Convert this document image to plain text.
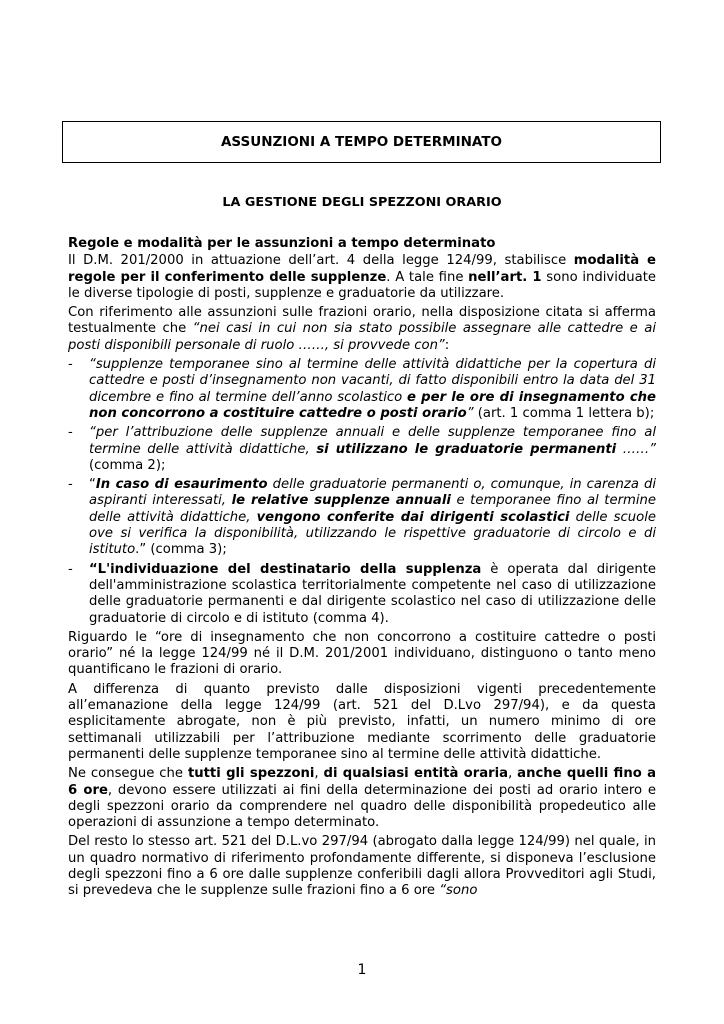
ASSUNZIONI A TEMPO DETERMINATO
LA GESTIONE DEGLI SPEZZONI ORARIO
Regole e modalità per le assunzioni a tempo determinato

Il D.M. 201/2000 in attuazione dell’art. 4 della legge 124/99, stabilisce modalità e regole per il conferimento delle supplenze. A tale fine nell’art. 1 sono individuate le diverse tipologie di posti, supplenze e graduatorie da utilizzare.

Con riferimento alle assunzioni sulle frazioni orario, nella disposizione citata si afferma testualmente che “nei casi in cui non sia stato possibile assegnare alle cattedre e ai posti disponibili personale di ruolo ……, si provvede con”:

- “supplenze temporanee sino al termine delle attività didattiche per la copertura di cattedre e posti d’insegnamento non vacanti, di fatto disponibili entro la data del 31 dicembre e fino al termine dell’anno scolastico e per le ore di insegnamento che non concorrono a costituire cattedre o posti orario” (art. 1 comma 1 lettera b);
- “per l’attribuzione delle supplenze annuali e delle supplenze temporanee fino al termine delle attività didattiche, si utilizzano le graduatorie permanenti ……” (comma 2);
- “In caso di esaurimento delle graduatorie permanenti o, comunque, in carenza di aspiranti interessati, le relative supplenze annuali e temporanee fino al termine delle attività didattiche, vengono conferite dai dirigenti scolastici delle scuole ove si verifica la disponibilità, utilizzando le rispettive graduatorie di circolo e di istituto.” (comma 3);
- “L'individuazione del destinatario della supplenza è operata dal dirigente dell'amministrazione scolastica territorialmente competente nel caso di utilizzazione delle graduatorie permanenti e dal dirigente scolastico nel caso di utilizzazione delle graduatorie di circolo e di istituto (comma 4).

Riguardo le “ore di insegnamento che non concorrono a costituire cattedre o posti orario” né la legge 124/99 né il D.M. 201/2001 individuano, distinguono o tanto meno quantificano le frazioni di orario.

A differenza di quanto previsto dalle disposizioni vigenti precedentemente all’emanazione della legge 124/99 (art. 521 del D.Lvo 297/94), e da questa esplicitamente abrogate, non è più previsto, infatti, un numero minimo di ore settimanali utilizzabili per l’attribuzione mediante scorrimento delle graduatorie permanenti delle supplenze temporanee sino al termine delle attività didattiche.

Ne consegue che tutti gli spezzoni, di qualsiasi entità oraria, anche quelli fino a 6 ore, devono essere utilizzati ai fini della determinazione dei posti ad orario intero e degli spezzoni orario da comprendere nel quadro delle disponibilità propedeutico alle operazioni di assunzione a tempo determinato.

Del resto lo stesso art. 521 del D.L.vo 297/94 (abrogato dalla legge 124/99) nel quale, in un quadro normativo di riferimento profondamente differente, si disponeva l’esclusione degli spezzoni fino a 6 ore dalle supplenze conferibili dagli allora Provveditori agli Studi, si prevedeva che le supplenze sulle frazioni fino a 6 ore “sono

1
